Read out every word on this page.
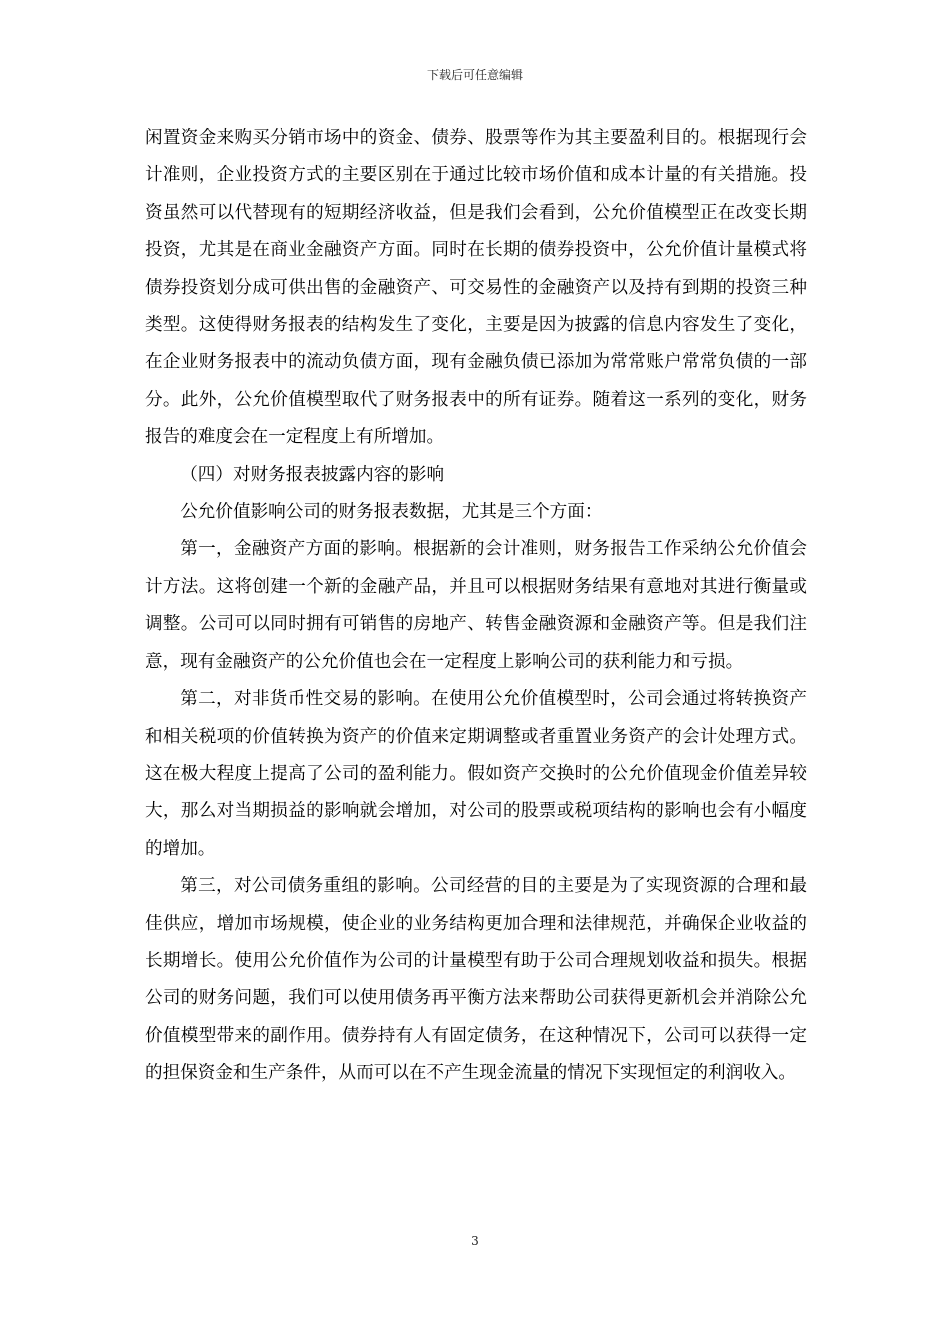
下载后可任意编辑

闲置资金来购买分销市场中的资金、债券、股票等作为其主要盈利目的。根据现行会计准则，企业投资方式的主要区别在于通过比较市场价值和成本计量的有关措施。投资虽然可以代替现有的短期经济收益，但是我们会看到，公允价值模型正在改变长期投资，尤其是在商业金融资产方面。同时在长期的债券投资中，公允价值计量模式将债券投资划分成可供出售的金融资产、可交易性的金融资产以及持有到期的投资三种类型。这使得财务报表的结构发生了变化，主要是因为披露的信息内容发生了变化，在企业财务报表中的流动负债方面，现有金融负债已添加为常常账户常常负债的一部分。此外，公允价值模型取代了财务报表中的所有证券。随着这一系列的变化，财务报告的难度会在一定程度上有所增加。

（四）对财务报表披露内容的影响

公允价值影响公司的财务报表数据，尤其是三个方面：

第一，金融资产方面的影响。根据新的会计准则，财务报告工作采纳公允价值会计方法。这将创建一个新的金融产品，并且可以根据财务结果有意地对其进行衡量或调整。公司可以同时拥有可销售的房地产、转售金融资源和金融资产等。但是我们注意，现有金融资产的公允价值也会在一定程度上影响公司的获利能力和亏损。

第二，对非货币性交易的影响。在使用公允价值模型时，公司会通过将转换资产和相关税项的价值转换为资产的价值来定期调整或者重置业务资产的会计处理方式。这在极大程度上提高了公司的盈利能力。假如资产交换时的公允价值现金价值差异较大，那么对当期损益的影响就会增加，对公司的股票或税项结构的影响也会有小幅度的增加。

第三，对公司债务重组的影响。公司经营的目的主要是为了实现资源的合理和最佳供应，增加市场规模，使企业的业务结构更加合理和法律规范，并确保企业收益的长期增长。使用公允价值作为公司的计量模型有助于公司合理规划收益和损失。根据公司的财务问题，我们可以使用债务再平衡方法来帮助公司获得更新机会并消除公允价值模型带来的副作用。债券持有人有固定债务，在这种情况下，公司可以获得一定的担保资金和生产条件，从而可以在不产生现金流量的情况下实现恒定的利润收入。

3
